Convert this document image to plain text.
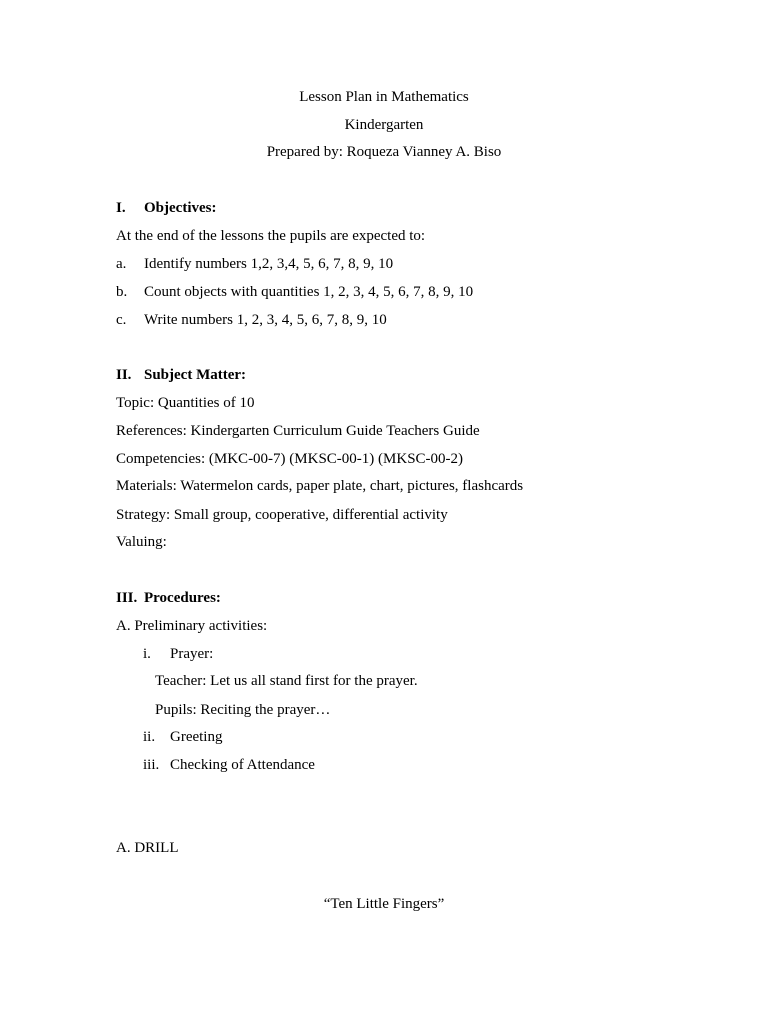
Lesson Plan in Mathematics
Kindergarten
Prepared by: Roqueza Vianney A. Biso
I. Objectives:
At the end of the lessons the pupils are expected to:
a. Identify numbers 1,2, 3,4, 5, 6, 7, 8, 9, 10
b. Count objects with quantities 1, 2, 3, 4, 5, 6, 7, 8, 9, 10
c. Write numbers 1, 2, 3, 4, 5, 6, 7, 8, 9, 10
II. Subject Matter:
Topic: Quantities of 10
References: Kindergarten Curriculum Guide Teachers Guide
Competencies: (MKC-00-7) (MKSC-00-1) (MKSC-00-2)
Materials: Watermelon cards, paper plate, chart, pictures, flashcards
Strategy: Small group, cooperative, differential activity
Valuing:
III. Procedures:
A. Preliminary activities:
i. Prayer:
Teacher: Let us all stand first for the prayer.
Pupils: Reciting the prayer…
ii. Greeting
iii. Checking of Attendance
A. DRILL
“Ten Little Fingers”
